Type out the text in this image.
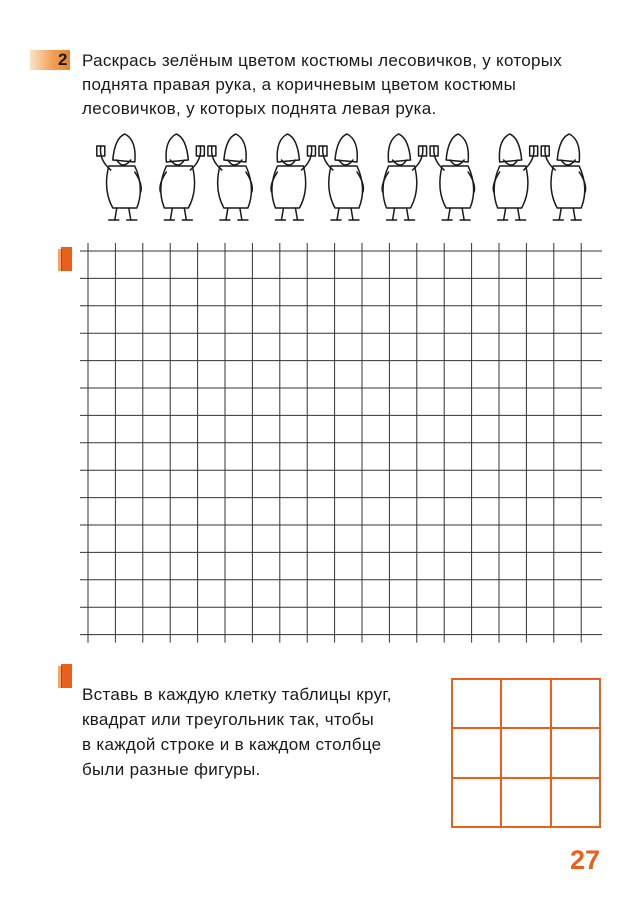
2 Раскрась зелёным цветом костюмы лесовичков, у которых

поднята правая рука, а коричневым цветом костюмы

лесовичков, у которых поднята левая рука.

Вставь в каждую клетку таблицы круг,

квадрат или треугольник так, чтобы

в каждой строке и в каждом столбце

были разные фигуры.

27
